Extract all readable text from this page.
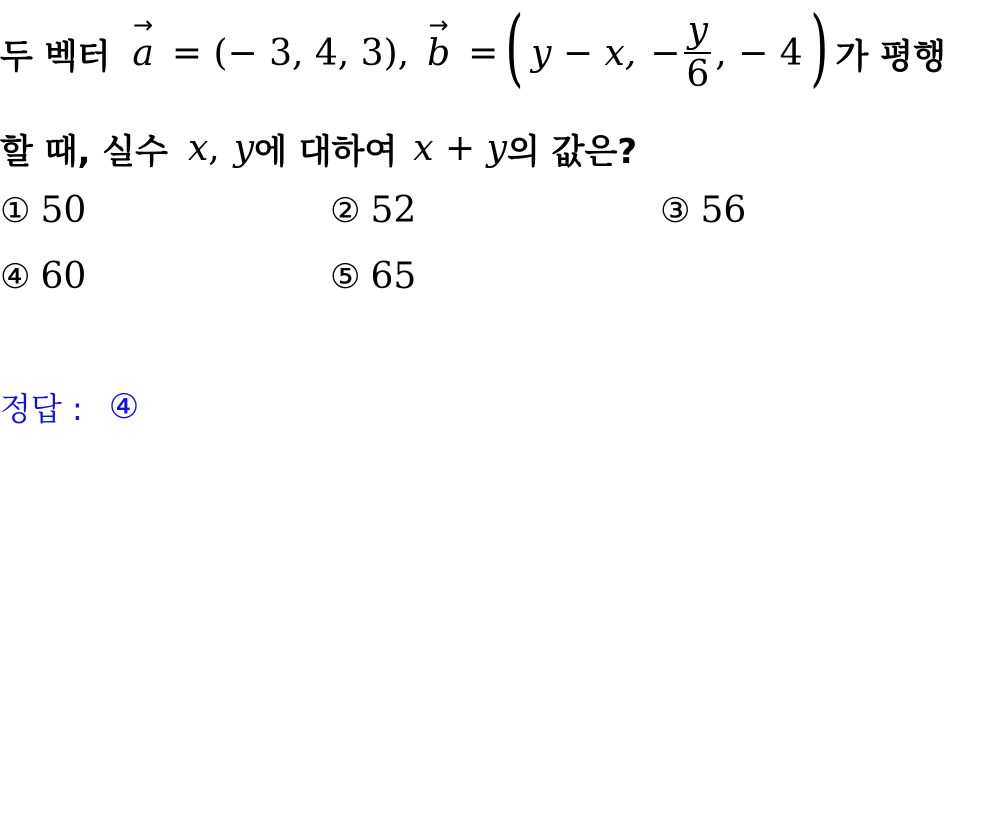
두 벡터
→
a = (− 3, 4, 3),
→
b = ( y − x, − $\frac{y}{6}$ , − 4 ) 가 평행
할 때, 실수 x , y 에 대하여 x + y 의 값은?
① 50	② 52	③ 56
④ 60	⑤ 65
정답 : ④
